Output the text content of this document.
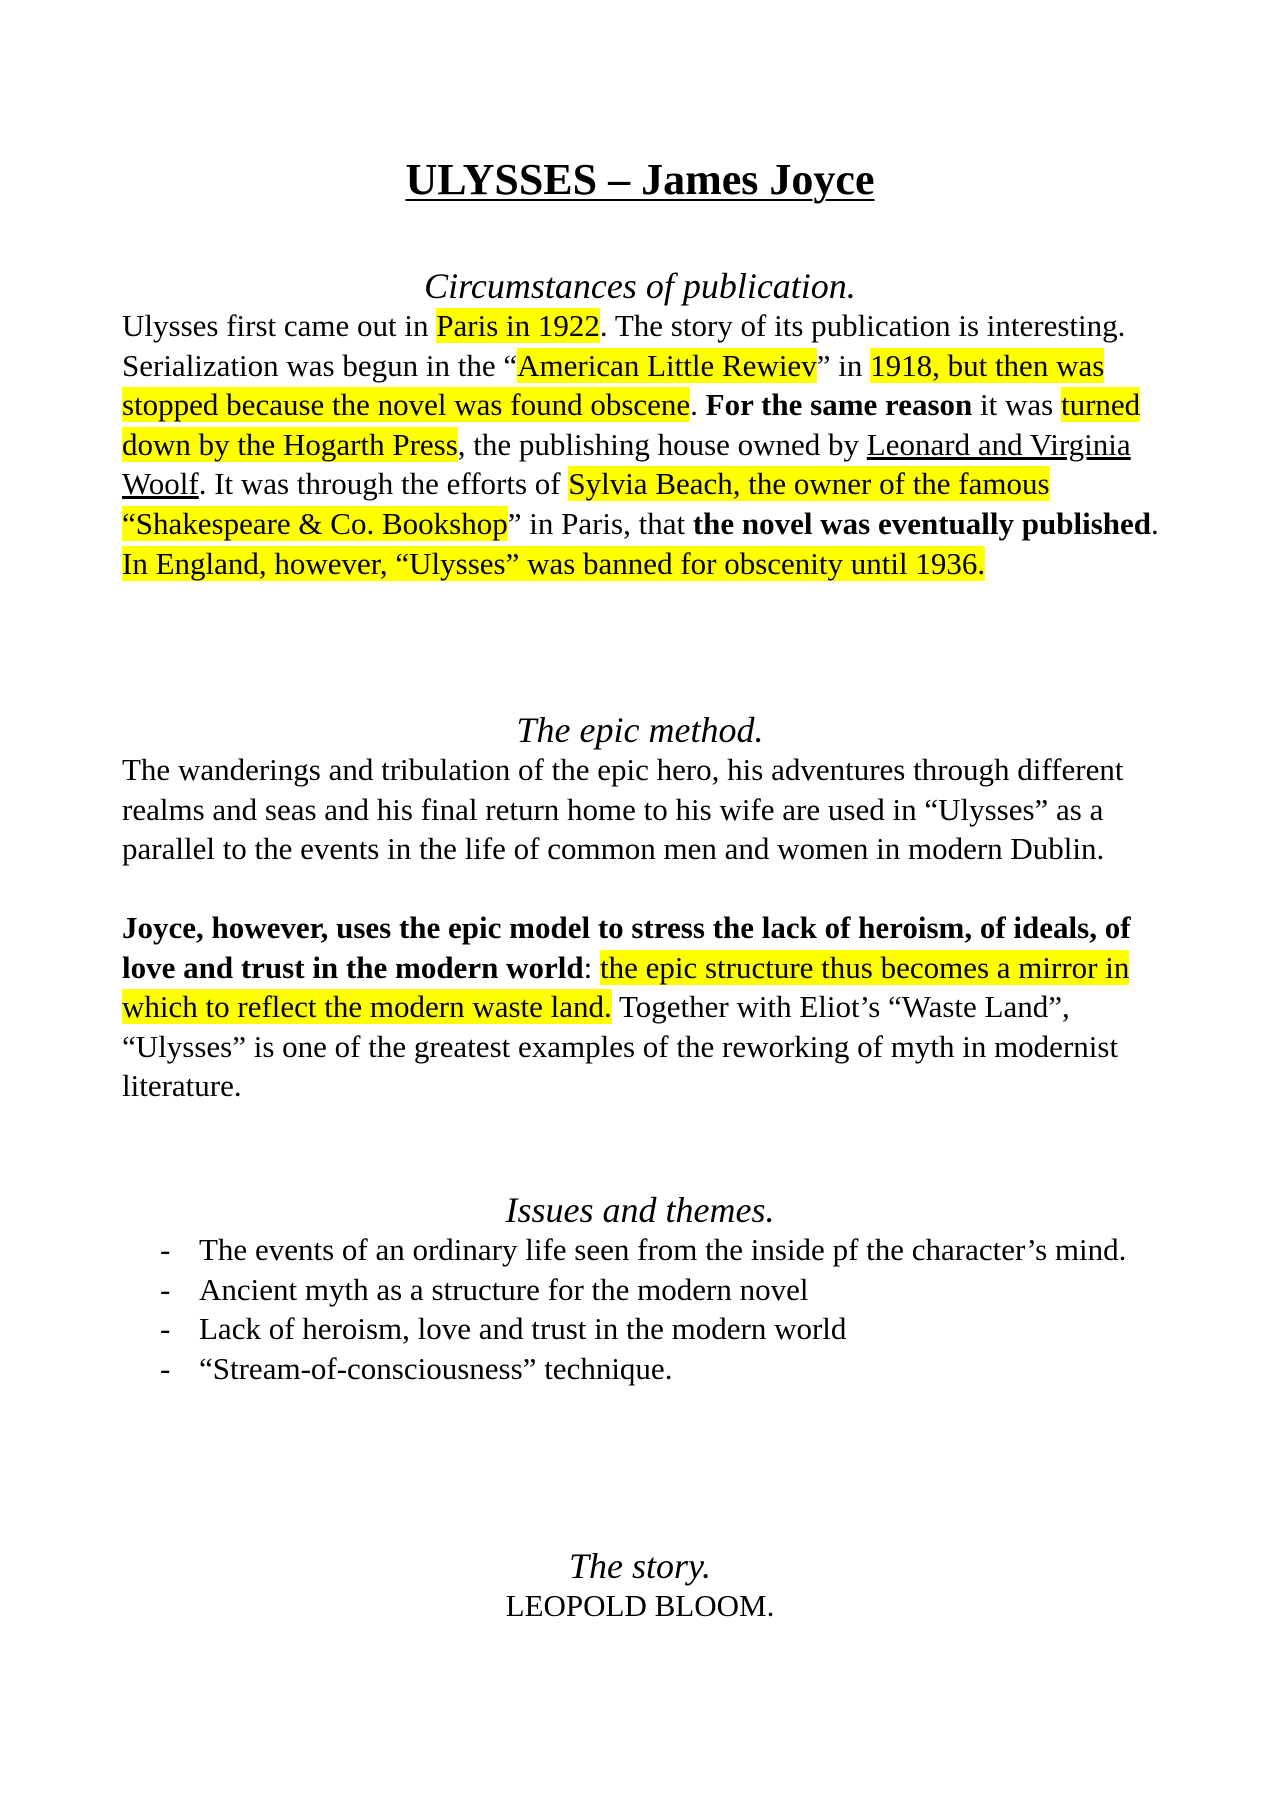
ULYSSES – James Joyce
Circumstances of publication.
Ulysses first came out in Paris in 1922. The story of its publication is interesting. Serialization was begun in the “American Little Rewiev” in 1918, but then was stopped because the novel was found obscene. For the same reason it was turned down by the Hogarth Press, the publishing house owned by Leonard and Virginia Woolf. It was through the efforts of Sylvia Beach, the owner of the famous “Shakespeare & Co. Bookshop” in Paris, that the novel was eventually published. In England, however, “Ulysses” was banned for obscenity until 1936.
The epic method.
The wanderings and tribulation of the epic hero, his adventures through different realms and seas and his final return home to his wife are used in “Ulysses” as a parallel to the events in the life of common men and women in modern Dublin.
Joyce, however, uses the epic model to stress the lack of heroism, of ideals, of love and trust in the modern world: the epic structure thus becomes a mirror in which to reflect the modern waste land. Together with Eliot’s “Waste Land”, “Ulysses” is one of the greatest examples of the reworking of myth in modernist literature.
Issues and themes.
- The events of an ordinary life seen from the inside pf the character’s mind.
- Ancient myth as a structure for the modern novel
- Lack of heroism, love and trust in the modern world
- “Stream-of-consciousness” technique.
The story.
LEOPOLD BLOOM.
